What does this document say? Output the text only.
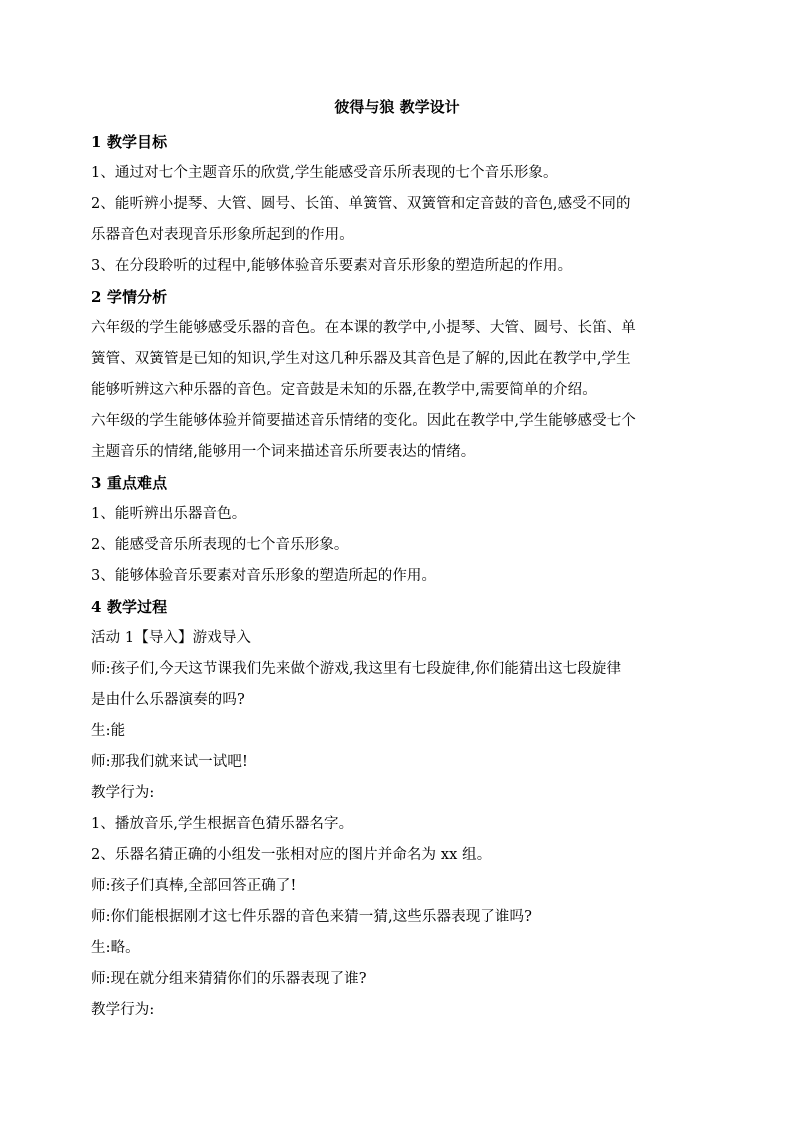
彼得与狼 教学设计
1 教学目标
1、通过对七个主题音乐的欣赏,学生能感受音乐所表现的七个音乐形象。
2、能听辨小提琴、大管、圆号、长笛、单簧管、双簧管和定音鼓的音色,感受不同的
乐器音色对表现音乐形象所起到的作用。
3、在分段聆听的过程中,能够体验音乐要素对音乐形象的塑造所起的作用。
2 学情分析
六年级的学生能够感受乐器的音色。在本课的教学中,小提琴、大管、圆号、长笛、单
簧管、双簧管是已知的知识,学生对这几种乐器及其音色是了解的,因此在教学中,学生
能够听辨这六种乐器的音色。定音鼓是未知的乐器,在教学中,需要简单的介绍。
六年级的学生能够体验并简要描述音乐情绪的变化。因此在教学中,学生能够感受七个
主题音乐的情绪,能够用一个词来描述音乐所要表达的情绪。
3 重点难点
1、能听辨出乐器音色。
2、能感受音乐所表现的七个音乐形象。
3、能够体验音乐要素对音乐形象的塑造所起的作用。
4 教学过程
活动 1【导入】游戏导入
师:孩子们,今天这节课我们先来做个游戏,我这里有七段旋律,你们能猜出这七段旋律
是由什么乐器演奏的吗?
生:能
师:那我们就来试一试吧!
教学行为:
1、播放音乐,学生根据音色猜乐器名字。
2、乐器名猜正确的小组发一张相对应的图片并命名为 xx 组。
师:孩子们真棒,全部回答正确了!
师:你们能根据刚才这七件乐器的音色来猜一猜,这些乐器表现了谁吗?
生:略。
师:现在就分组来猜猜你们的乐器表现了谁?
教学行为:
